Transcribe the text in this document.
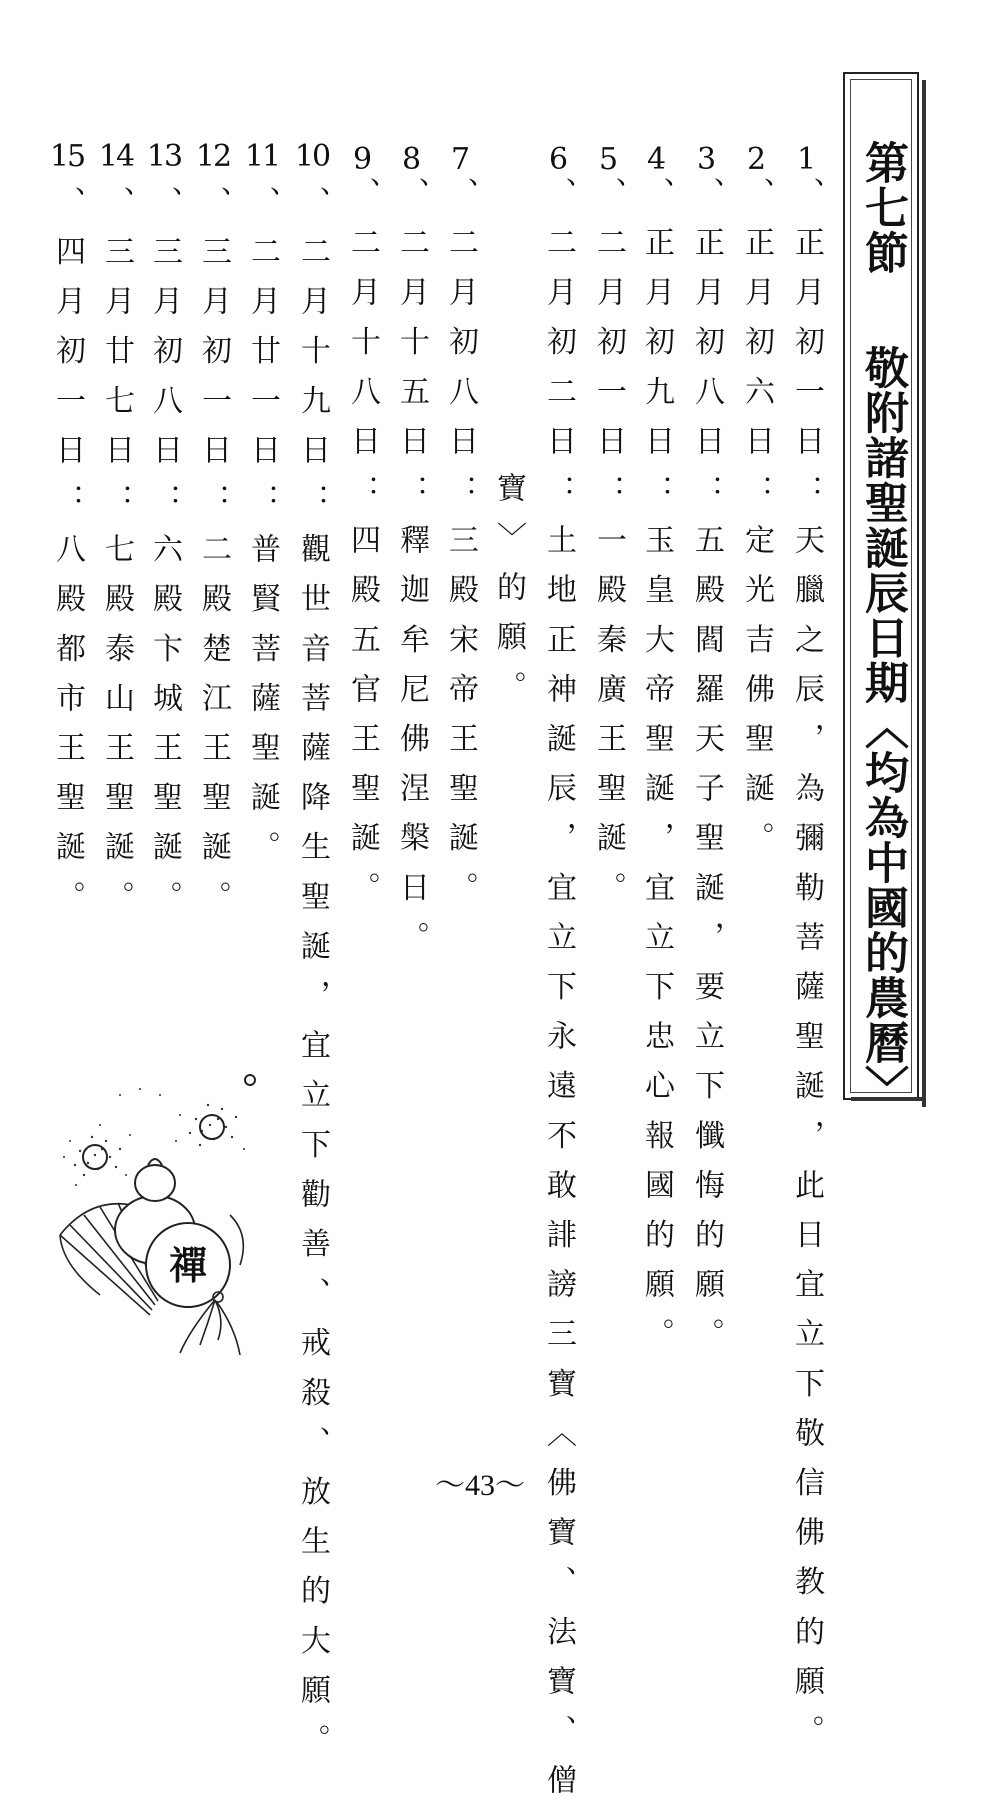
第七節敬附諸聖誕辰日期〈均為中國的農曆〉
1、正月初一日：天臘之辰，為彌勒菩薩聖誕，此日宜立下敬信佛教的願。
2、正月初六日：定光吉佛聖誕。
3、正月初八日：五殿閻羅天子聖誕，要立下懺悔的願。
4、正月初九日：玉皇大帝聖誕，宜立下忠心報國的願。
5、二月初一日：一殿秦廣王聖誕。
6、二月初二日：土地正神誕辰，宜立下永遠不敢誹謗三寶〈佛寶、法寶、僧
寶〉的願。
7、二月初八日：三殿宋帝王聖誕。
8、二月十五日：釋迦牟尼佛涅槃日。
9、二月十八日：四殿五官王聖誕。
10、二月十九日：觀世音菩薩降生聖誕，宜立下勸善、戒殺、放生的大願。
11、二月廿一日：普賢菩薩聖誕。
12、三月初一日：二殿楚江王聖誕。
13、三月初八日：六殿卞城王聖誕。
14、三月廿七日：七殿泰山王聖誕。
15、四月初一日：八殿都市王聖誕。
禪
～43～
